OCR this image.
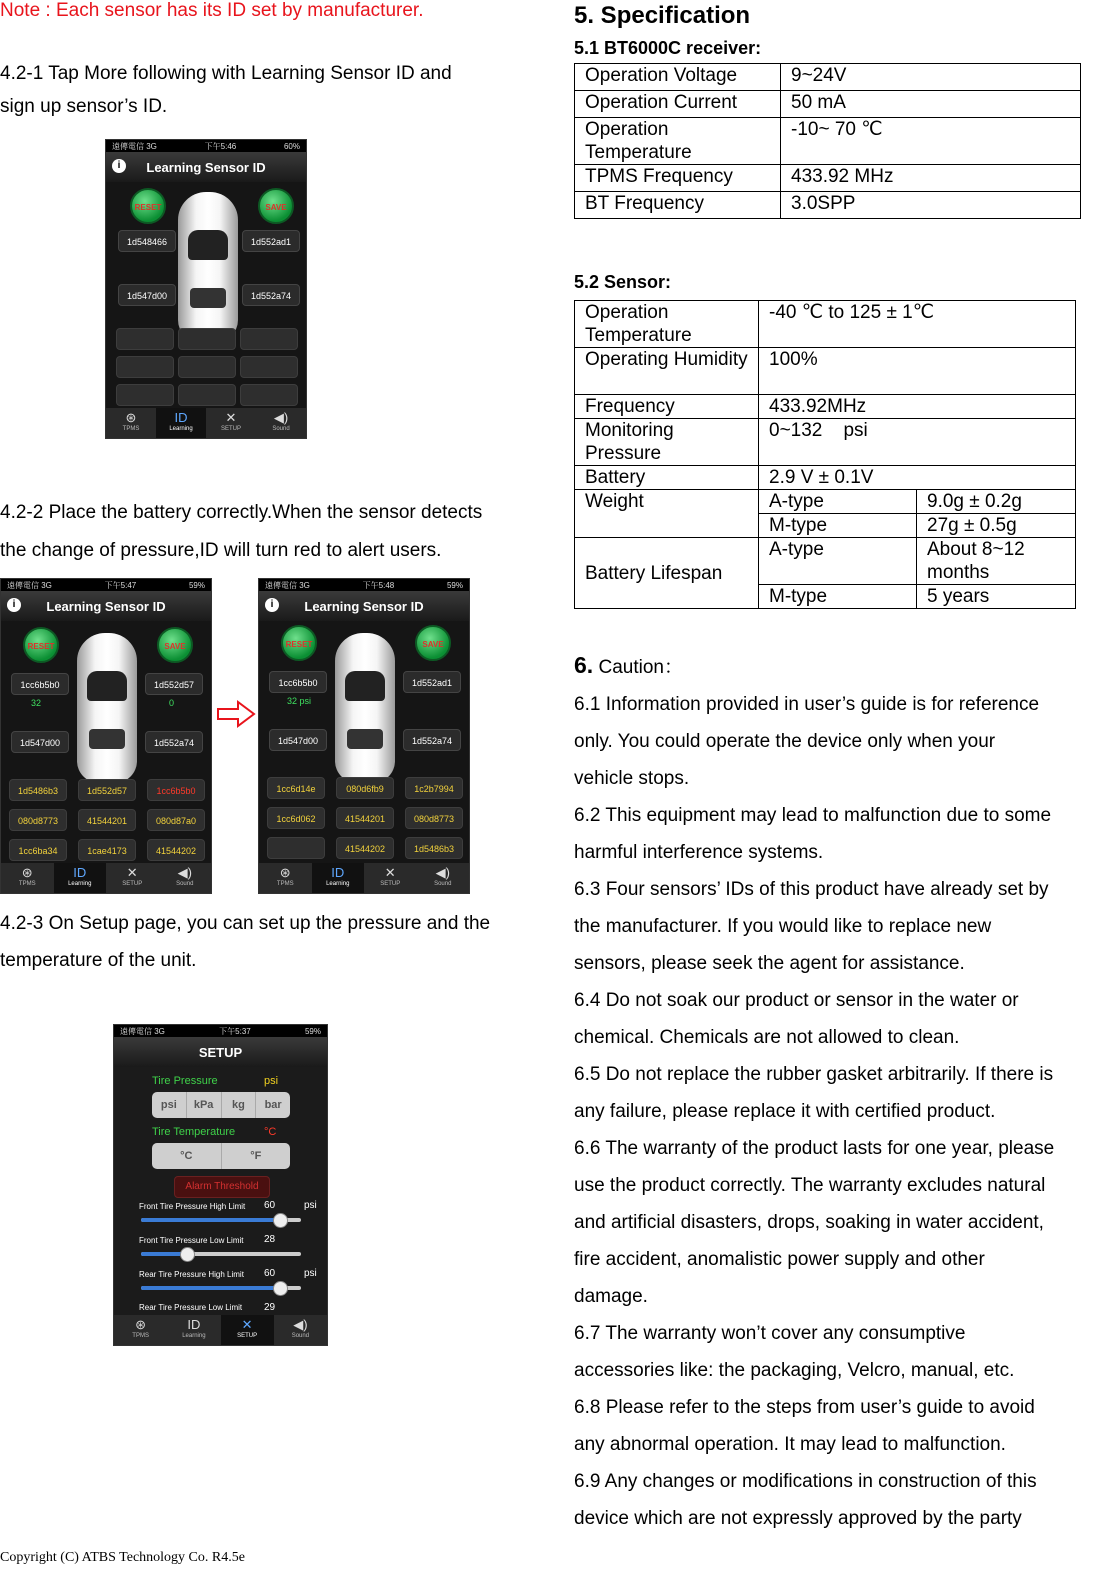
Note : Each sensor has its ID set by manufacturer.
4.2-1 Tap More following with Learning Sensor ID and
sign up sensor’s ID.
遠傳電信 3G	下午5:46	60%
Learning Sensor ID
i
RESET	SAVE
1d548466	1d552ad1
1d547d00	1d552a74
⊛
TPMS
ID
Learning
✕
SETUP
◀)
Sound
4.2-2 Place the battery correctly.When the sensor detects
the change of pressure,ID will turn red to alert users.
遠傳電信 3G	下午5:47	59%
Learning Sensor ID
i
RESET	SAVE
1cc6b5b0
32
1d552d57
0
1d547d00	1d552a74
1d5486b3	1d552d57	1cc6b5b0
080d8773	41544201	080d87a0
1cc6ba34	1cae4173	41544202
⊛
TPMS
ID
Learning
✕
SETUP
◀)
Sound
遠傳電信 3G	下午5:48	59%
Learning Sensor ID
i
RESET	SAVE
1cc6b5b0
32 psi
1d552ad1
1d547d00	1d552a74
1cc6d14e	080d6fb9	1c2b7994
1cc6d062	41544201	080d8773
41544202	1d5486b3
⊛
TPMS
ID
Learning
✕
SETUP
◀)
Sound
4.2-3 On Setup page, you can set up the pressure and the
temperature of the unit.
遠傳電信 3G	下午5:37	59%
SETUP
Tire Pressure	psi
psi	kPa	kg	bar
Tire Temperature	°C
°C	°F
Alarm Threshold
Front Tire Pressure High Limit 60	psi
Front Tire Pressure Low Limit 28
Rear Tire Pressure High Limit 60	psi
Rear Tire Pressure Low Limit 29
⊛
TPMS
ID
Learning
✕
SETUP
◀)
Sound
Copyright (C) ATBS Technology Co. R4.5e
5. Specification
5.1 BT6000C receiver:
Operation Voltage	9~24V
Operation Current	50 mA
Operation Temperature	-10~ 70 ℃
TPMS Frequency	433.92 MHz
BT Frequency	3.0SPP
5.2 Sensor:
Operation Temperature	-40 ℃ to 125 ± 1℃	
Operating Humidity	100%	
Frequency	433.92MHz	
Monitoring Pressure	0~132    psi	
Battery	2.9 V ± 0.1V	
Weight	A-type	9.0g ± 0.2g
	M-type	27g ± 0.5g
Battery Lifespan	A-type	About 8~12 months
	M-type	5 years
6. Caution：
6.1 Information provided in user’s guide is for reference
only. You could operate the device only when your
vehicle stops.
6.2 This equipment may lead to malfunction due to some
harmful interference systems.
6.3 Four sensors’ IDs of this product have already set by
the manufacturer. If you would like to replace new
sensors, please seek the agent for assistance.
6.4 Do not soak our product or sensor in the water or
chemical. Chemicals are not allowed to clean.
6.5 Do not replace the rubber gasket arbitrarily. If there is
any failure, please replace it with certified product.
6.6 The warranty of the product lasts for one year, please
use the product correctly. The warranty excludes natural
and artificial disasters, drops, soaking in water accident,
fire accident, anomalistic power supply and other
damage.
6.7 The warranty won’t cover any consumptive
accessories like: the packaging, Velcro, manual, etc.
6.8 Please refer to the steps from user’s guide to avoid
any abnormal operation. It may lead to malfunction.
6.9 Any changes or modifications in construction of this
device which are not expressly approved by the party
